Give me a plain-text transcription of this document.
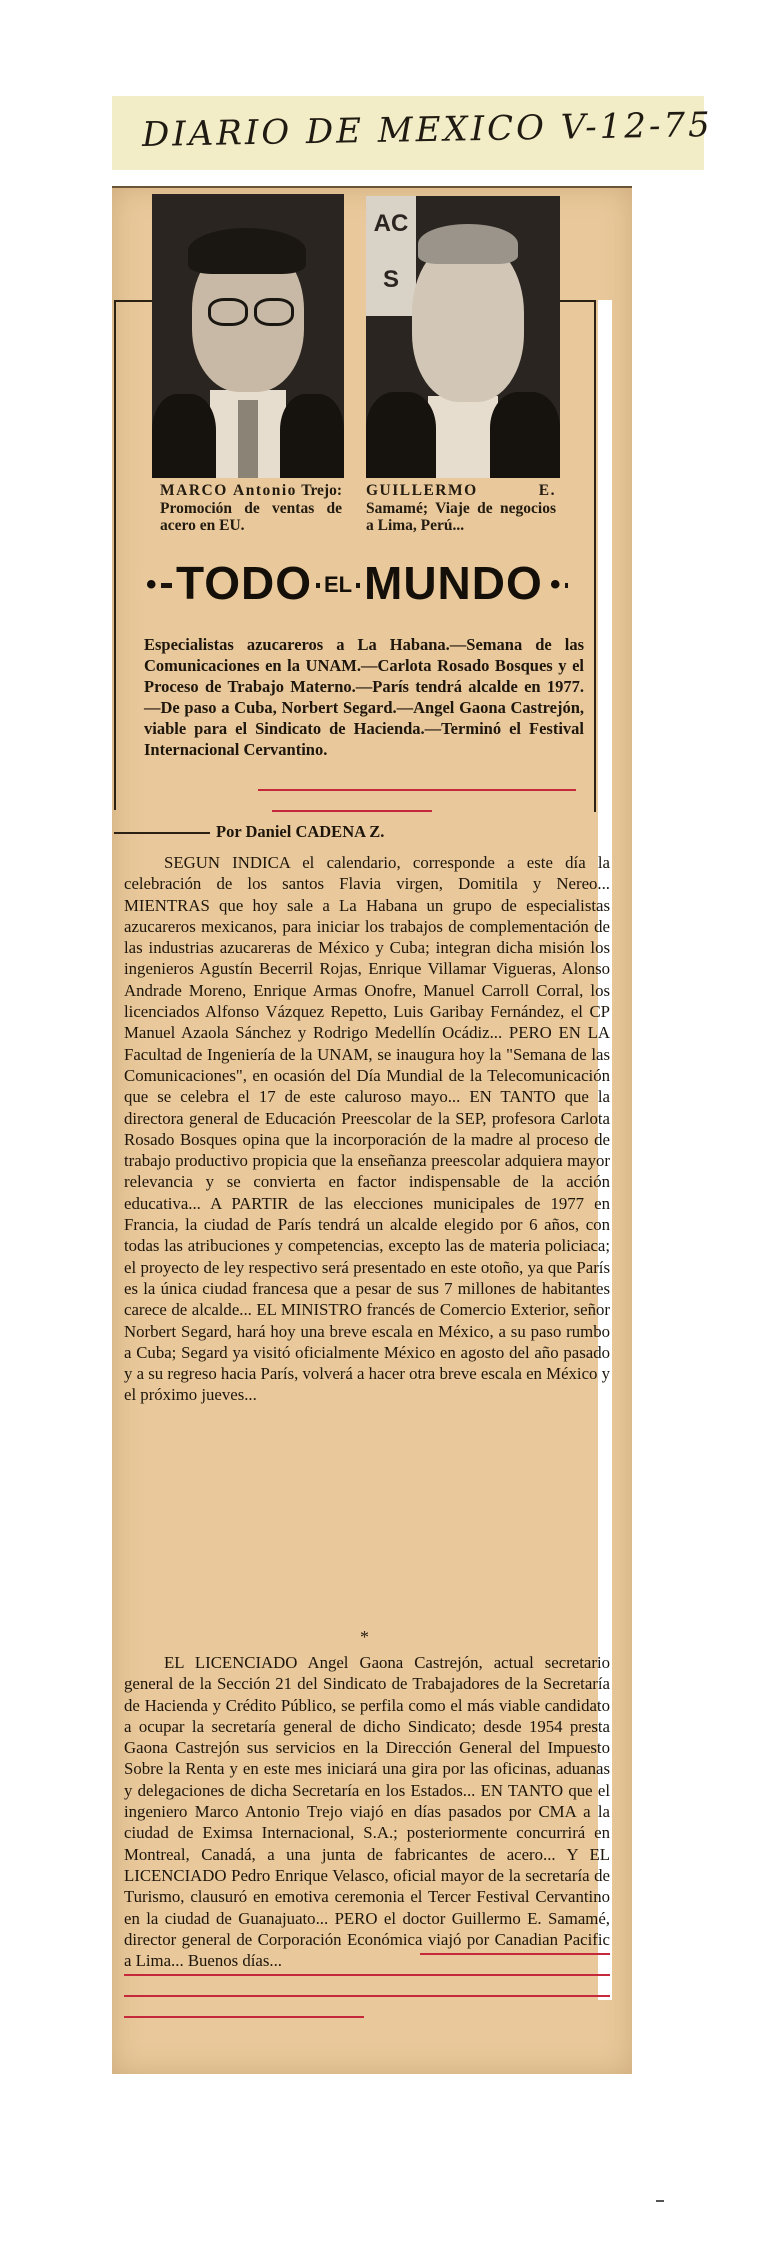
DIARIO DE MEXICO V-12-75
AC S
MARCO Antonio Trejo: Promoción de ventas de acero en EU.
GUILLERMO E. Samamé; Viaje de negocios a Lima, Perú...
• TODO EL MUNDO •
Especialistas azucareros a La Habana.—Semana de las Comunicaciones en la UNAM.—Carlota Rosado Bosques y el Proceso de Trabajo Materno.—París tendrá alcalde en 1977.—De paso a Cuba, Norbert Segard.—Angel Gaona Castrejón, viable para el Sindicato de Hacienda.—Terminó el Festival Internacional Cervantino.
Por Daniel CADENA Z.

SEGUN INDICA el calendario, corresponde a este día la celebración de los santos Flavia virgen, Domitila y Nereo... MIENTRAS que hoy sale a La Habana un grupo de especialistas azucareros mexicanos, para iniciar los trabajos de complementación de las industrias azucareras de México y Cuba; integran dicha misión los ingenieros Agustín Becerril Rojas, Enrique Villamar Vigueras, Alonso Andrade Moreno, Enrique Armas Onofre, Manuel Carroll Corral, los licenciados Alfonso Vázquez Repetto, Luis Garibay Fernández, el CP Manuel Azaola Sánchez y Rodrigo Medellín Ocádiz... PERO EN LA Facultad de Ingeniería de la UNAM, se inaugura hoy la "Semana de las Comunicaciones", en ocasión del Día Mundial de la Telecomunicación que se celebra el 17 de este caluroso mayo... EN TANTO que la directora general de Educación Preescolar de la SEP, profesora Carlota Rosado Bosques opina que la incorporación de la madre al proceso de trabajo productivo propicia que la enseñanza preescolar adquiera mayor relevancia y se convierta en factor indispensable de la acción educativa... A PARTIR de las elecciones municipales de 1977 en Francia, la ciudad de París tendrá un alcalde elegido por 6 años, con todas las atribuciones y competencias, excepto las de materia policiaca; el proyecto de ley respectivo será presentado en este otoño, ya que París es la única ciudad francesa que a pesar de sus 7 millones de habitantes carece de alcalde... EL MINISTRO francés de Comercio Exterior, señor Norbert Segard, hará hoy una breve escala en México, a su paso rumbo a Cuba; Segard ya visitó oficialmente México en agosto del año pasado y a su regreso hacia París, volverá a hacer otra breve escala en México y el próximo jueves...

*

EL LICENCIADO Angel Gaona Castrejón, actual secretario general de la Sección 21 del Sindicato de Trabajadores de la Secretaría de Hacienda y Crédito Público, se perfila como el más viable candidato a ocupar la secretaría general de dicho Sindicato; desde 1954 presta Gaona Castrejón sus servicios en la Dirección General del Impuesto Sobre la Renta y en este mes iniciará una gira por las oficinas, aduanas y delegaciones de dicha Secretaría en los Estados... EN TANTO que el ingeniero Marco Antonio Trejo viajó en días pasados por CMA a la ciudad de Eximsa Internacional, S.A.; posteriormente concurrirá en Montreal, Canadá, a una junta de fabricantes de acero... Y EL LICENCIADO Pedro Enrique Velasco, oficial mayor de la secretaría de Turismo, clausuró en emotiva ceremonia el Tercer Festival Cervantino en la ciudad de Guanajuato... PERO el doctor Guillermo E. Samamé, director general de Corporación Económica viajó por Canadian Pacific a Lima... Buenos días...
